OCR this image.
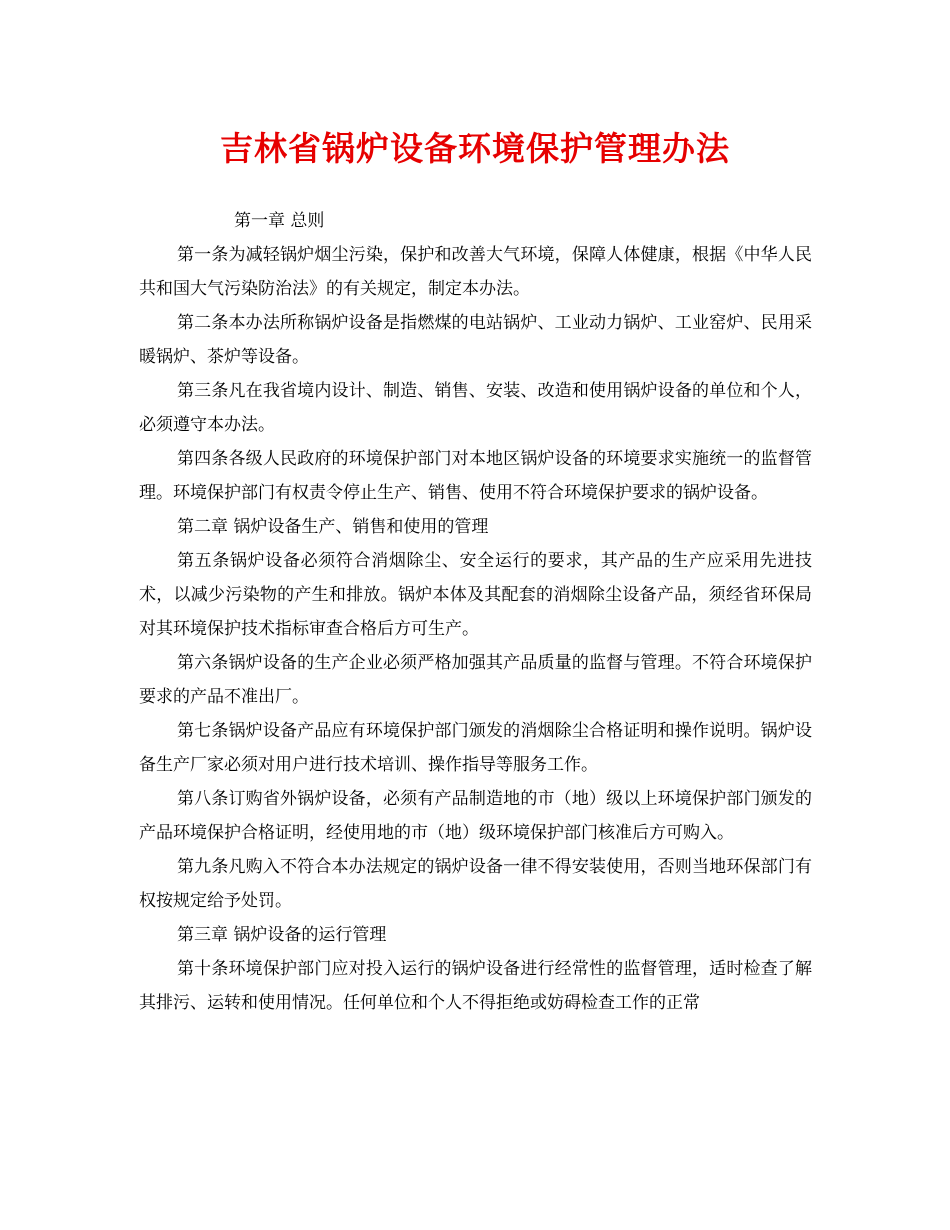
吉林省锅炉设备环境保护管理办法

第一章 总则

第一条为减轻锅炉烟尘污染，保护和改善大气环境，保障人体健康，根据《中华人民共和国大气污染防治法》的有关规定，制定本办法。

第二条本办法所称锅炉设备是指燃煤的电站锅炉、工业动力锅炉、工业窑炉、民用采暖锅炉、茶炉等设备。

第三条凡在我省境内设计、制造、销售、安装、改造和使用锅炉设备的单位和个人，必须遵守本办法。

第四条各级人民政府的环境保护部门对本地区锅炉设备的环境要求实施统一的监督管理。环境保护部门有权责令停止生产、销售、使用不符合环境保护要求的锅炉设备。

第二章 锅炉设备生产、销售和使用的管理

第五条锅炉设备必须符合消烟除尘、安全运行的要求，其产品的生产应采用先进技术，以减少污染物的产生和排放。锅炉本体及其配套的消烟除尘设备产品，须经省环保局对其环境保护技术指标审查合格后方可生产。

第六条锅炉设备的生产企业必须严格加强其产品质量的监督与管理。不符合环境保护要求的产品不准出厂。

第七条锅炉设备产品应有环境保护部门颁发的消烟除尘合格证明和操作说明。锅炉设备生产厂家必须对用户进行技术培训、操作指导等服务工作。

第八条订购省外锅炉设备，必须有产品制造地的市（地）级以上环境保护部门颁发的产品环境保护合格证明，经使用地的市（地）级环境保护部门核准后方可购入。

第九条凡购入不符合本办法规定的锅炉设备一律不得安装使用，否则当地环保部门有权按规定给予处罚。

第三章 锅炉设备的运行管理

第十条环境保护部门应对投入运行的锅炉设备进行经常性的监督管理，适时检查了解其排污、运转和使用情况。任何单位和个人不得拒绝或妨碍检查工作的正常
